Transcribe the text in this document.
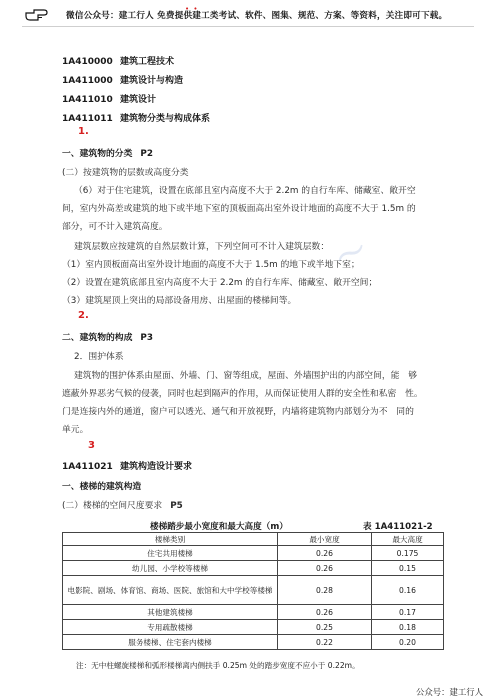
～　　

• •
微信公众号：建工行人 免费提供建工类考试、软件、图集、规范、方案、等资料，关注即可下载。
1A410000 建筑工程技术
1A411000 建筑设计与构造
1A411010 建筑设计
1A411011 建筑物分类与构成体系
1.
一、建筑物的分类 P2
(二）按建筑物的层数或高度分类
（6）对于住宅建筑，设置在底部且室内高度不大于 2.2m 的自行车库、储藏室、敞开空
间，室内外高差或建筑的地下或半地下室的顶板面高出室外设计地面的高度不大于 1.5m 的
部分，可不计入建筑高度。
建筑层数应按建筑的自然层数计算，下列空间可不计入建筑层数：
（1）室内顶板面高出室外设计地面的高度不大于 1.5m 的地下或半地下室；
（2）设置在建筑底部且室内高度不大于 2.2m 的自行车库、储藏室、敞开空间；
（3）建筑屋顶上突出的局部设备用房、出屋面的楼梯间等。
2.
二、建筑物的构成 P3
2．围护体系
建筑物的围护体系由屋面、外墙、门、窗等组成，屋面、外墙围护出的内部空间，能　够
遮蔽外界恶劣气候的侵袭，同时也起到隔声的作用，从而保证使用人群的安全性和私密　性。
门是连接内外的通道，窗户可以透光、通气和开放视野，内墙将建筑物内部划分为不　同的
单元。
3
1A411021 建筑构造设计要求
一、楼梯的建筑构造
(二）楼梯的空间尺度要求 P5
楼梯踏步最小宽度和最大高度（m）	表 1A411021-2
楼梯类别	最小宽度	最大高度
住宅共用楼梯	0.26	0.175
幼儿园、小学校等楼梯	0.26	0.15
电影院、剧场、体育馆、商场、医院、旅馆和大中学校等楼梯	0.28	0.16
其他建筑楼梯	0.26	0.17
专用疏散楼梯	0.25	0.18
服务楼梯、住宅套内楼梯	0.22	0.20
注：无中柱螺旋楼梯和弧形楼梯离内侧扶手 0.25m 处的踏步宽度不应小于 0.22m。
公众号：建工行人
